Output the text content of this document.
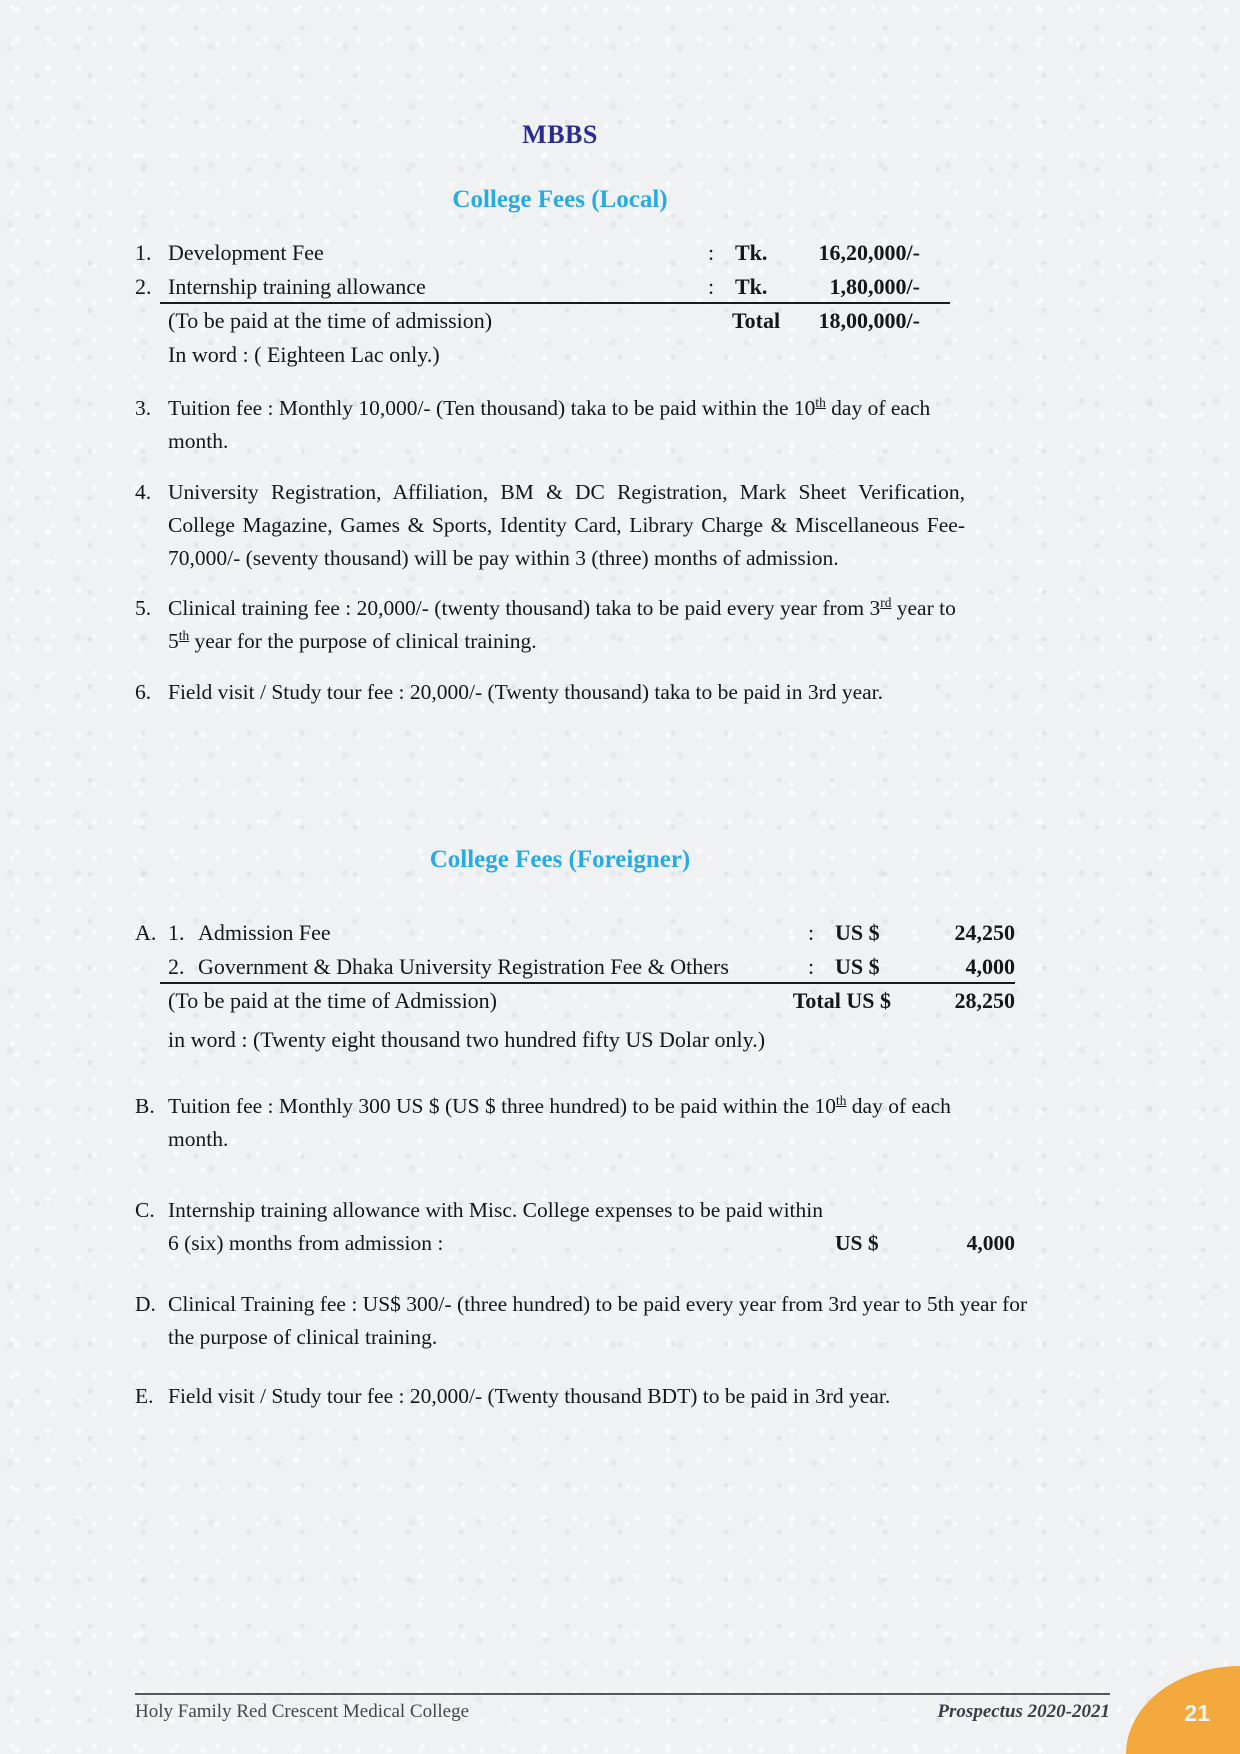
MBBS
College Fees (Local)
1. Development Fee	: Tk.	16,20,000/-
2. Internship training allowance	: Tk.	1,80,000/-
(To be paid at the time of admission)	Total	18,00,000/-
In word : ( Eighteen Lac only.)
3. Tuition fee : Monthly 10,000/- (Ten thousand) taka to be paid within the 10th day of each month.
4. University Registration, Affiliation, BM & DC Registration, Mark Sheet Verification, College Magazine, Games & Sports, Identity Card, Library Charge & Miscellaneous Fee- 70,000/- (seventy thousand) will be pay within 3 (three) months of admission.
5. Clinical training fee : 20,000/- (twenty thousand) taka to be paid every year from 3rd year to 5th year for the purpose of clinical training.
6. Field visit / Study tour fee : 20,000/- (Twenty thousand) taka to be paid in 3rd year.
College Fees (Foreigner)
A. 1. Admission Fee	: US $	24,250
2. Government & Dhaka University Registration Fee & Others	: US $	4,000
(To be paid at the time of Admission)	Total US $	28,250
in word : (Twenty eight thousand two hundred fifty US Dolar only.)
B. Tuition fee : Monthly 300 US $ (US $ three hundred) to be paid within the 10th day of each month.
C. Internship training allowance with Misc. College expenses to be paid within
6 (six) months from admission :	US $	4,000
D. Clinical Training fee : US$ 300/- (three hundred) to be paid every year from 3rd year to 5th year for the purpose of clinical training.
E. Field visit / Study tour fee : 20,000/- (Twenty thousand BDT) to be paid in 3rd year.
Holy Family Red Crescent Medical College	Prospectus 2020-2021	21
